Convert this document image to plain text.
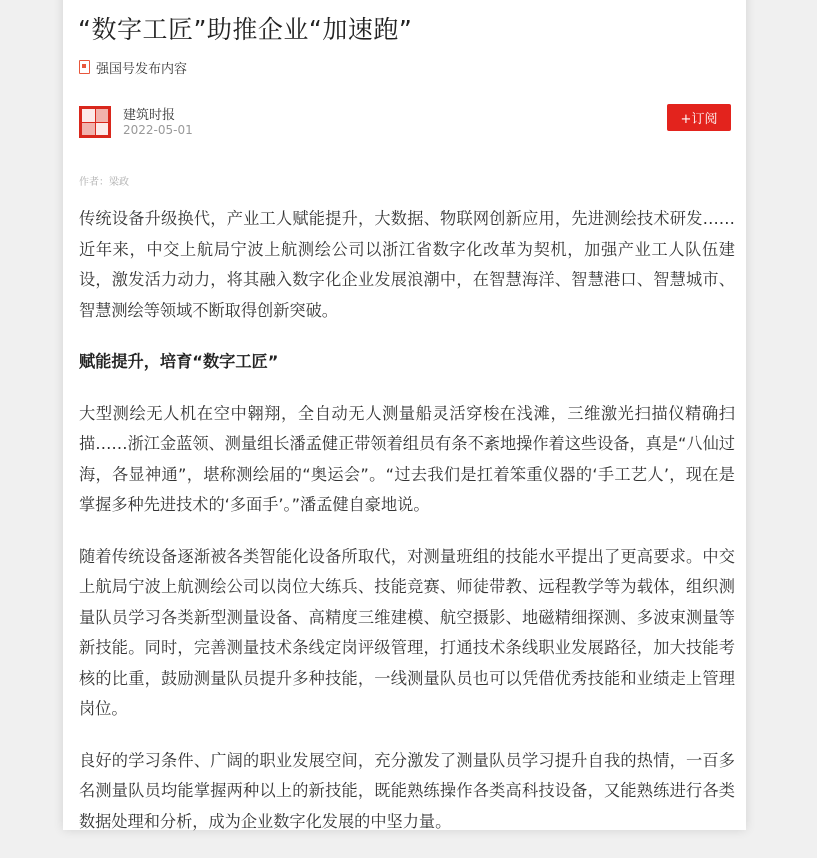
“数字工匠”助推企业“加速跑”
强国号发布内容
建筑时报
2022-05-01
+订阅
作者：梁政

传统设备升级换代，产业工人赋能提升，大数据、物联网创新应用，先进测绘技术研发……近年来，中交上航局宁波上航测绘公司以浙江省数字化改革为契机，加强产业工人队伍建设，激发活力动力，将其融入数字化企业发展浪潮中，在智慧海洋、智慧港口、智慧城市、智慧测绘等领域不断取得创新突破。

赋能提升，培育“数字工匠”

大型测绘无人机在空中翱翔，全自动无人测量船灵活穿梭在浅滩，三维激光扫描仪精确扫描……浙江金蓝领、测量组长潘孟健正带领着组员有条不紊地操作着这些设备，真是“八仙过海，各显神通”，堪称测绘届的“奥运会”。“过去我们是扛着笨重仪器的‘手工艺人’，现在是掌握多种先进技术的‘多面手’。”潘孟健自豪地说。

随着传统设备逐渐被各类智能化设备所取代，对测量班组的技能水平提出了更高要求。中交上航局宁波上航测绘公司以岗位大练兵、技能竞赛、师徒带教、远程教学等为载体，组织测量队员学习各类新型测量设备、高精度三维建模、航空摄影、地磁精细探测、多波束测量等新技能。同时，完善测量技术条线定岗评级管理，打通技术条线职业发展路径，加大技能考核的比重，鼓励测量队员提升多种技能，一线测量队员也可以凭借优秀技能和业绩走上管理岗位。

良好的学习条件、广阔的职业发展空间，充分激发了测量队员学习提升自我的热情，一百多名测量队员均能掌握两种以上的新技能，既能熟练操作各类高科技设备，又能熟练进行各类数据处理和分析，成为企业数字化发展的中坚力量。
